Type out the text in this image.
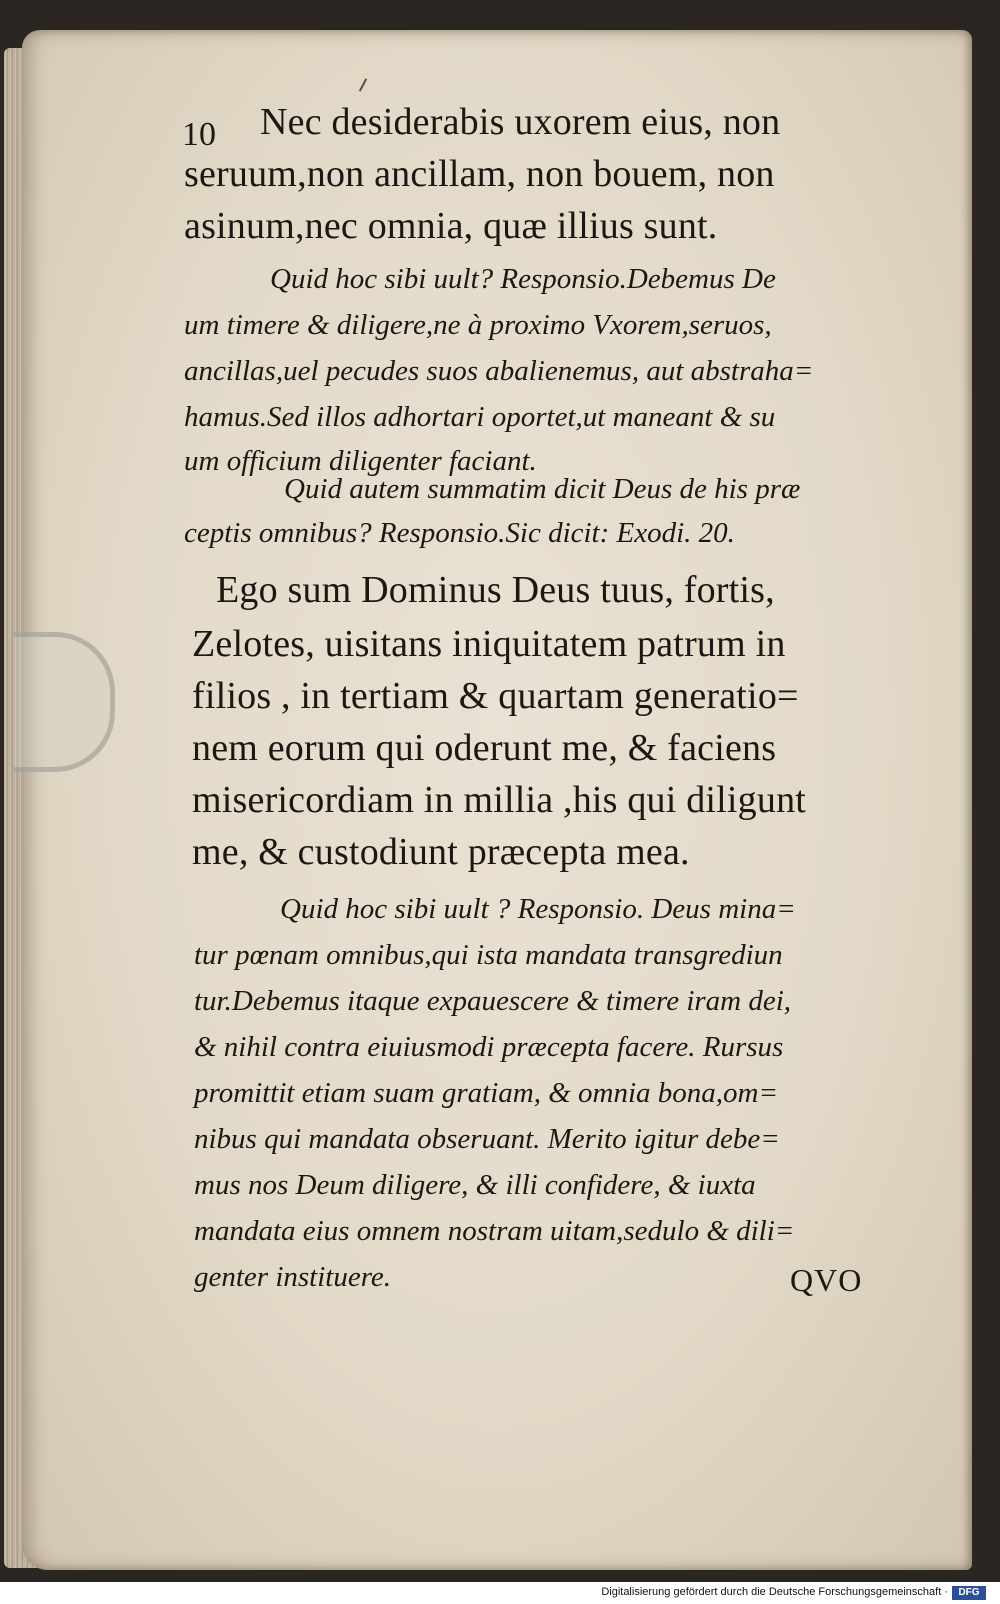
10 Nec desiderabis uxorem eius, non
seruum,non ancillam, non bouem, non
asinum,nec omnia, quæ illius sunt.
Quid hoc sibi uult? Responsio.Debemus De
um timere & diligere,ne à proximo Vxorem,seruos,
ancillas,uel pecudes suos abalienemus, aut abstraha=
hamus.Sed illos adhortari oportet,ut maneant & su
um officium diligenter faciant.
Quid autem summatim dicit Deus de his præ
ceptis omnibus? Responsio.Sic dicit: Exodi. 20.
Ego sum Dominus Deus tuus, fortis,
Zelotes, uisitans iniquitatem patrum in
filios , in tertiam & quartam generatio=
nem eorum qui oderunt me, & faciens
misericordiam in millia ,his qui diligunt
me, & custodiunt præcepta mea.
Quid hoc sibi uult ? Responsio. Deus mina=
tur pœnam omnibus,qui ista mandata transgrediun
tur.Debemus itaque expauescere & timere iram dei,
& nihil contra eiuiusmodi præcepta facere. Rursus
promittit etiam suam gratiam, & omnia bona,om=
nibus qui mandata obseruant. Merito igitur debe=
mus nos Deum diligere, & illi confidere, & iuxta
mandata eius omnem nostram uitam,sedulo & dili=
genter instituere.	QVO
Digitalisierung gefördert durch die Deutsche Forschungsgemeinschaft ·	DFG
